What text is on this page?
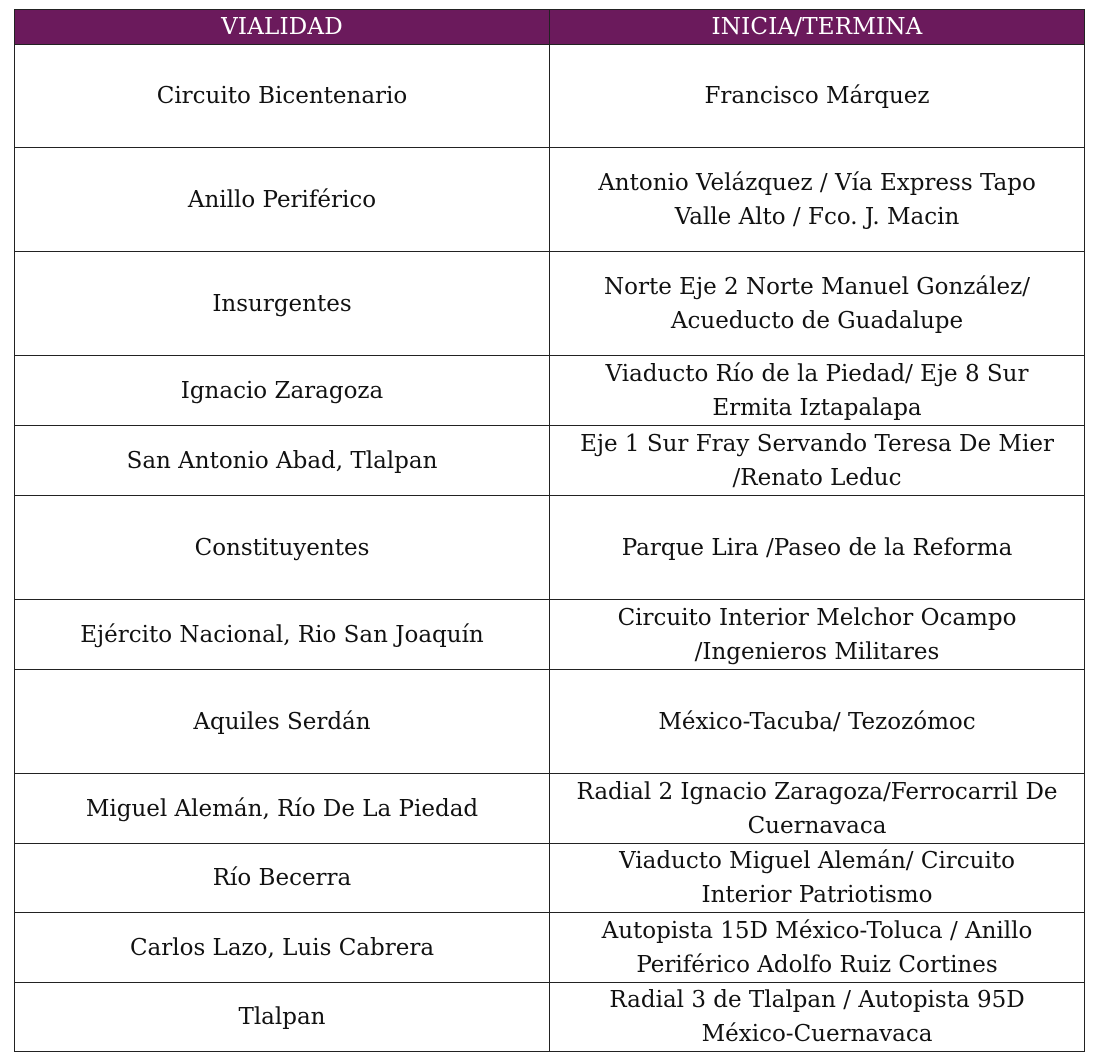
VIALIDAD	INICIA/TERMINA
Circuito Bicentenario	Francisco Márquez
Anillo Periférico	Antonio Velázquez / Vía Express Tapo
Valle Alto / Fco. J. Macin
Insurgentes	Norte Eje 2 Norte Manuel González/
Acueducto de Guadalupe
Ignacio Zaragoza	Viaducto Río de la Piedad/ Eje 8 Sur
Ermita Iztapalapa
San Antonio Abad, Tlalpan	Eje 1 Sur Fray Servando Teresa De Mier
/Renato Leduc
Constituyentes	Parque Lira /Paseo de la Reforma
Ejército Nacional, Rio San Joaquín	Circuito Interior Melchor Ocampo
/Ingenieros Militares
Aquiles Serdán	México-Tacuba/ Tezozómoc
Miguel Alemán, Río De La Piedad	Radial 2 Ignacio Zaragoza/Ferrocarril De
Cuernavaca
Río Becerra	Viaducto Miguel Alemán/ Circuito
Interior Patriotismo
Carlos Lazo, Luis Cabrera	Autopista 15D México-Toluca / Anillo
Periférico Adolfo Ruiz Cortines
Tlalpan	Radial 3 de Tlalpan / Autopista 95D
México-Cuernavaca
